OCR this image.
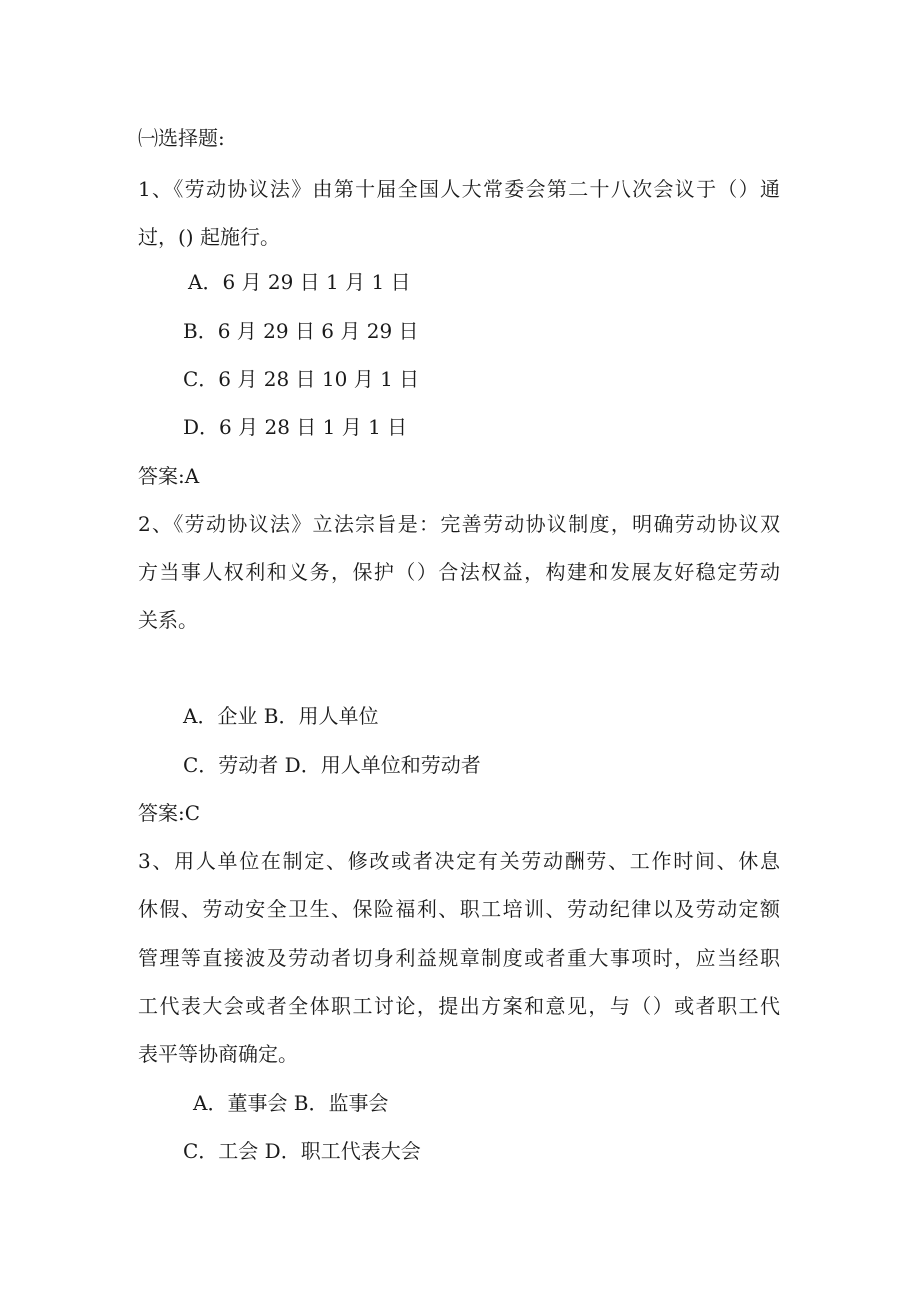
㈠选择题:
1、《劳动协议法》由第十届全国人大常委会第二十八次会议于（）通
过，() 起施行。
A．6 月 29 日 1 月 1 日
B．6 月 29 日 6 月 29 日
C．6 月 28 日 10 月 1 日
D．6 月 28 日 1 月 1 日
答案:A
2、《劳动协议法》立法宗旨是：完善劳动协议制度，明确劳动协议双
方当事人权利和义务，保护（）合法权益，构建和发展友好稳定劳动
关系。
A．企业 B．用人单位
C．劳动者 D．用人单位和劳动者
答案:C
3、用人单位在制定、修改或者决定有关劳动酬劳、工作时间、休息
休假、劳动安全卫生、保险福利、职工培训、劳动纪律以及劳动定额
管理等直接波及劳动者切身利益规章制度或者重大事项时，应当经职
工代表大会或者全体职工讨论，提出方案和意见，与（）或者职工代
表平等协商确定。
A．董事会 B．监事会
C．工会 D．职工代表大会
